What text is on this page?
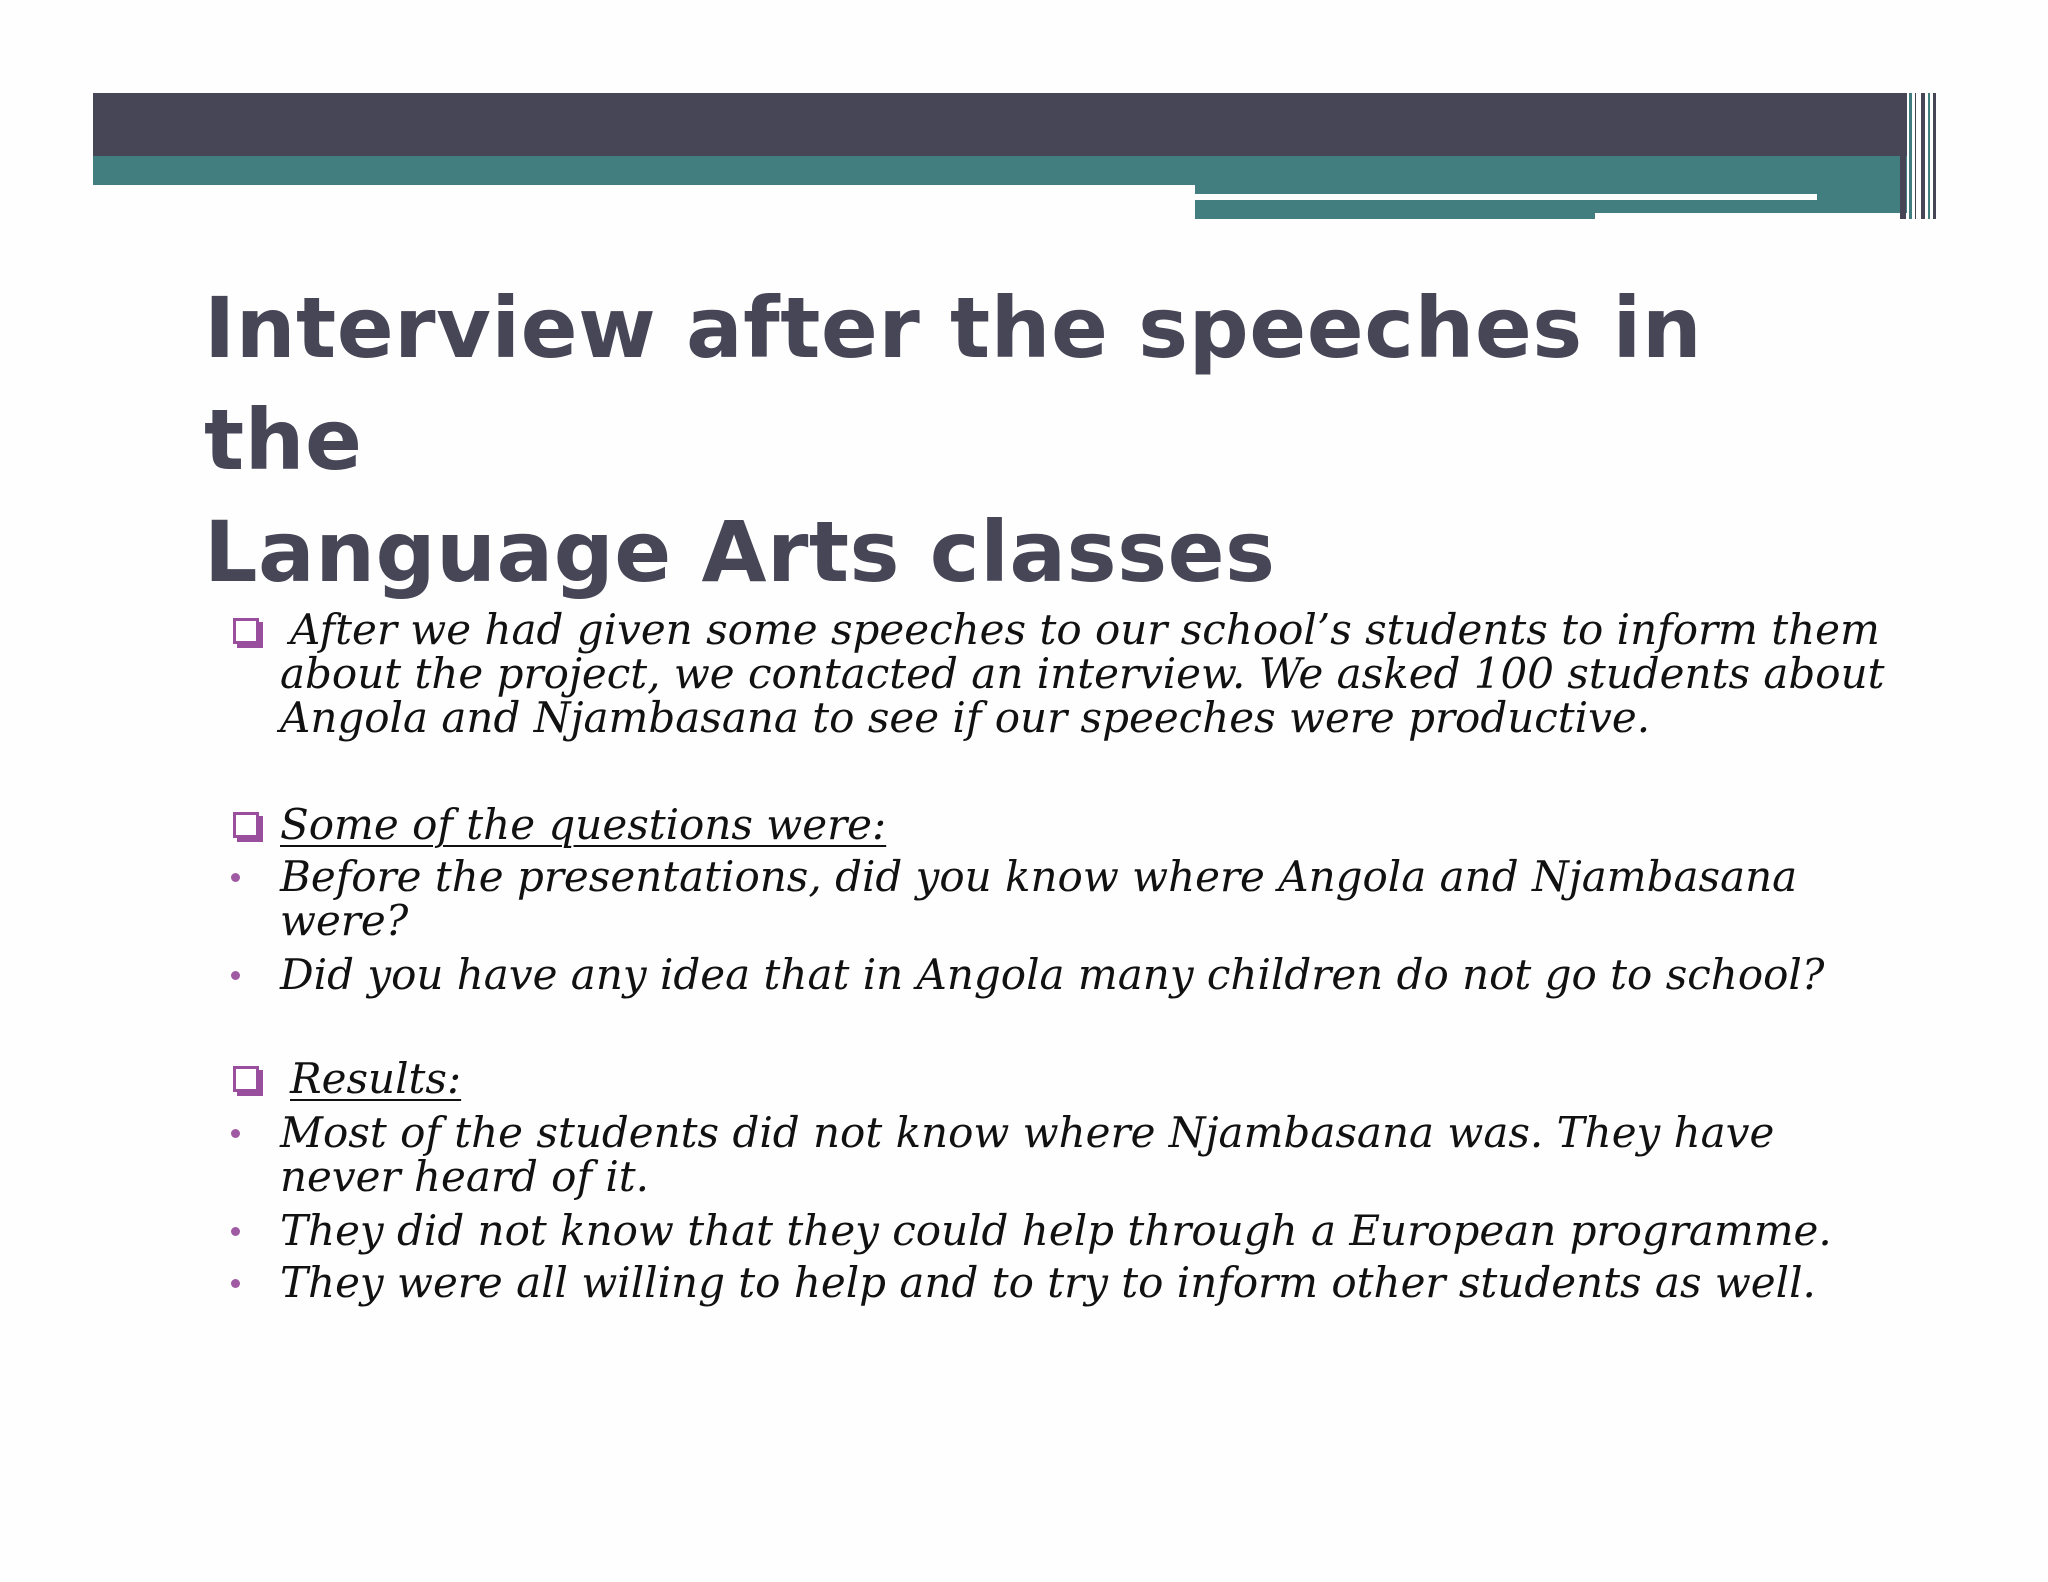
Interview after the speeches in the
Language Arts classes
After we had given some speeches to our school’s students to inform them
about the project, we contacted an interview. We asked 100 students about
Angola and Njambasana to see if our speeches were productive.
Some of the questions were:
Before the presentations, did you know where Angola and Njambasana
were?
Did you have any idea that in Angola many children do not go to school?
Results:
Most of the students did not know where Njambasana was. They have
never heard of it.
They did not know that they could help through a European programme.
They were all willing to help and to try to inform other students as well.
